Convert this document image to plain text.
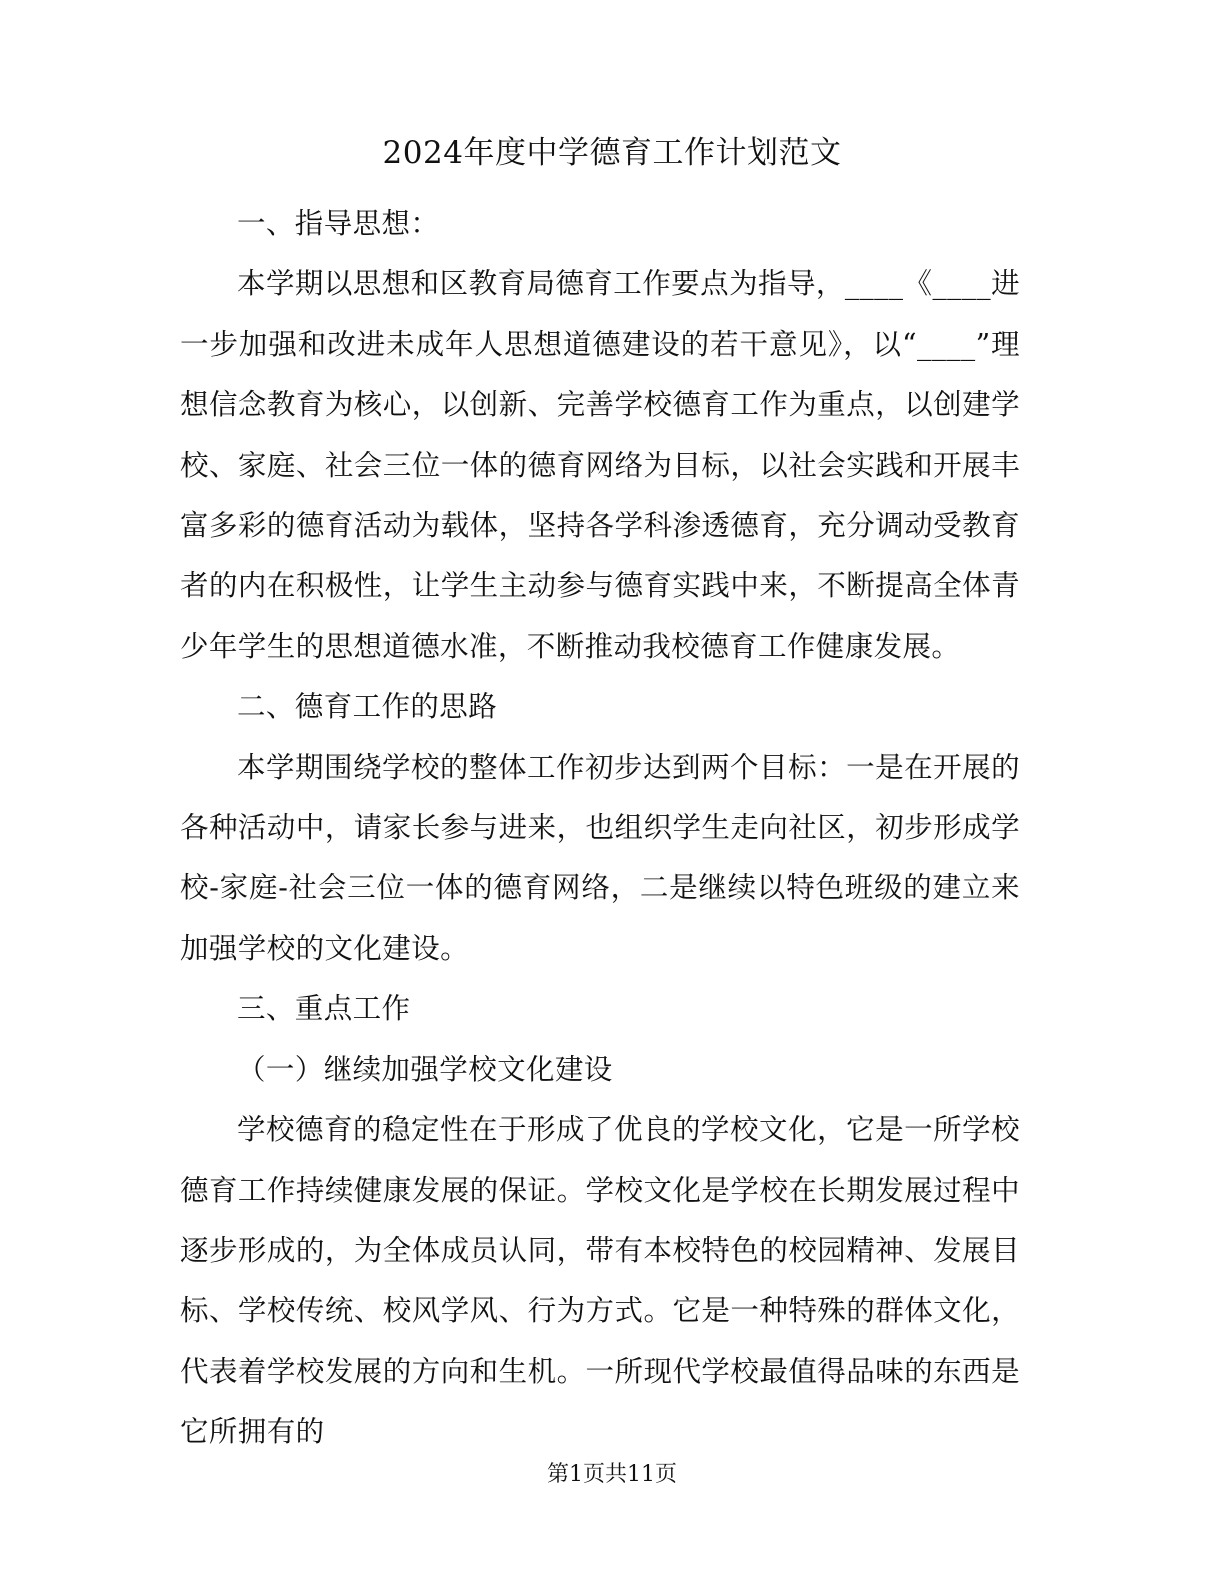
2024年度中学德育工作计划范文

一、指导思想：

本学期以思想和区教育局德育工作要点为指导，____《____进一步加强和改进未成年人思想道德建设的若干意见》，以“____”理想信念教育为核心，以创新、完善学校德育工作为重点，以创建学校、家庭、社会三位一体的德育网络为目标，以社会实践和开展丰富多彩的德育活动为载体，坚持各学科渗透德育，充分调动受教育者的内在积极性，让学生主动参与德育实践中来，不断提高全体青少年学生的思想道德水准，不断推动我校德育工作健康发展。

二、德育工作的思路

本学期围绕学校的整体工作初步达到两个目标：一是在开展的各种活动中，请家长参与进来，也组织学生走向社区，初步形成学校-家庭-社会三位一体的德育网络，二是继续以特色班级的建立来加强学校的文化建设。

三、重点工作

（一）继续加强学校文化建设

学校德育的稳定性在于形成了优良的学校文化，它是一所学校德育工作持续健康发展的保证。学校文化是学校在长期发展过程中逐步形成的，为全体成员认同，带有本校特色的校园精神、发展目标、学校传统、校风学风、行为方式。它是一种特殊的群体文化，代表着学校发展的方向和生机。一所现代学校最值得品味的东西是它所拥有的

第1页共11页
